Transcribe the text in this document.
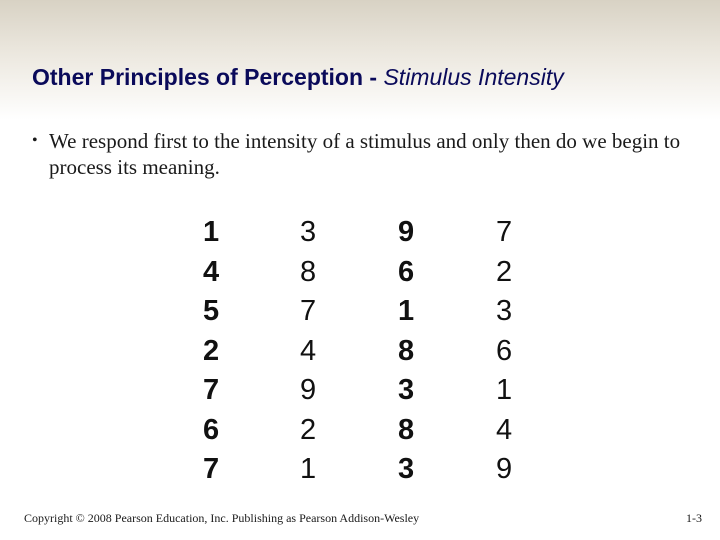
Other Principles of Perception - Stimulus Intensity
• We respond first to the intensity of a stimulus and only then do we begin to process its meaning.
1
4
5
2
7
6
7
3
8
7
4
9
2
1
9
6
1
8
3
8
3
7
2
3
6
1
4
9
Copyright © 2008 Pearson Education, Inc. Publishing as Pearson Addison-Wesley	1-3
